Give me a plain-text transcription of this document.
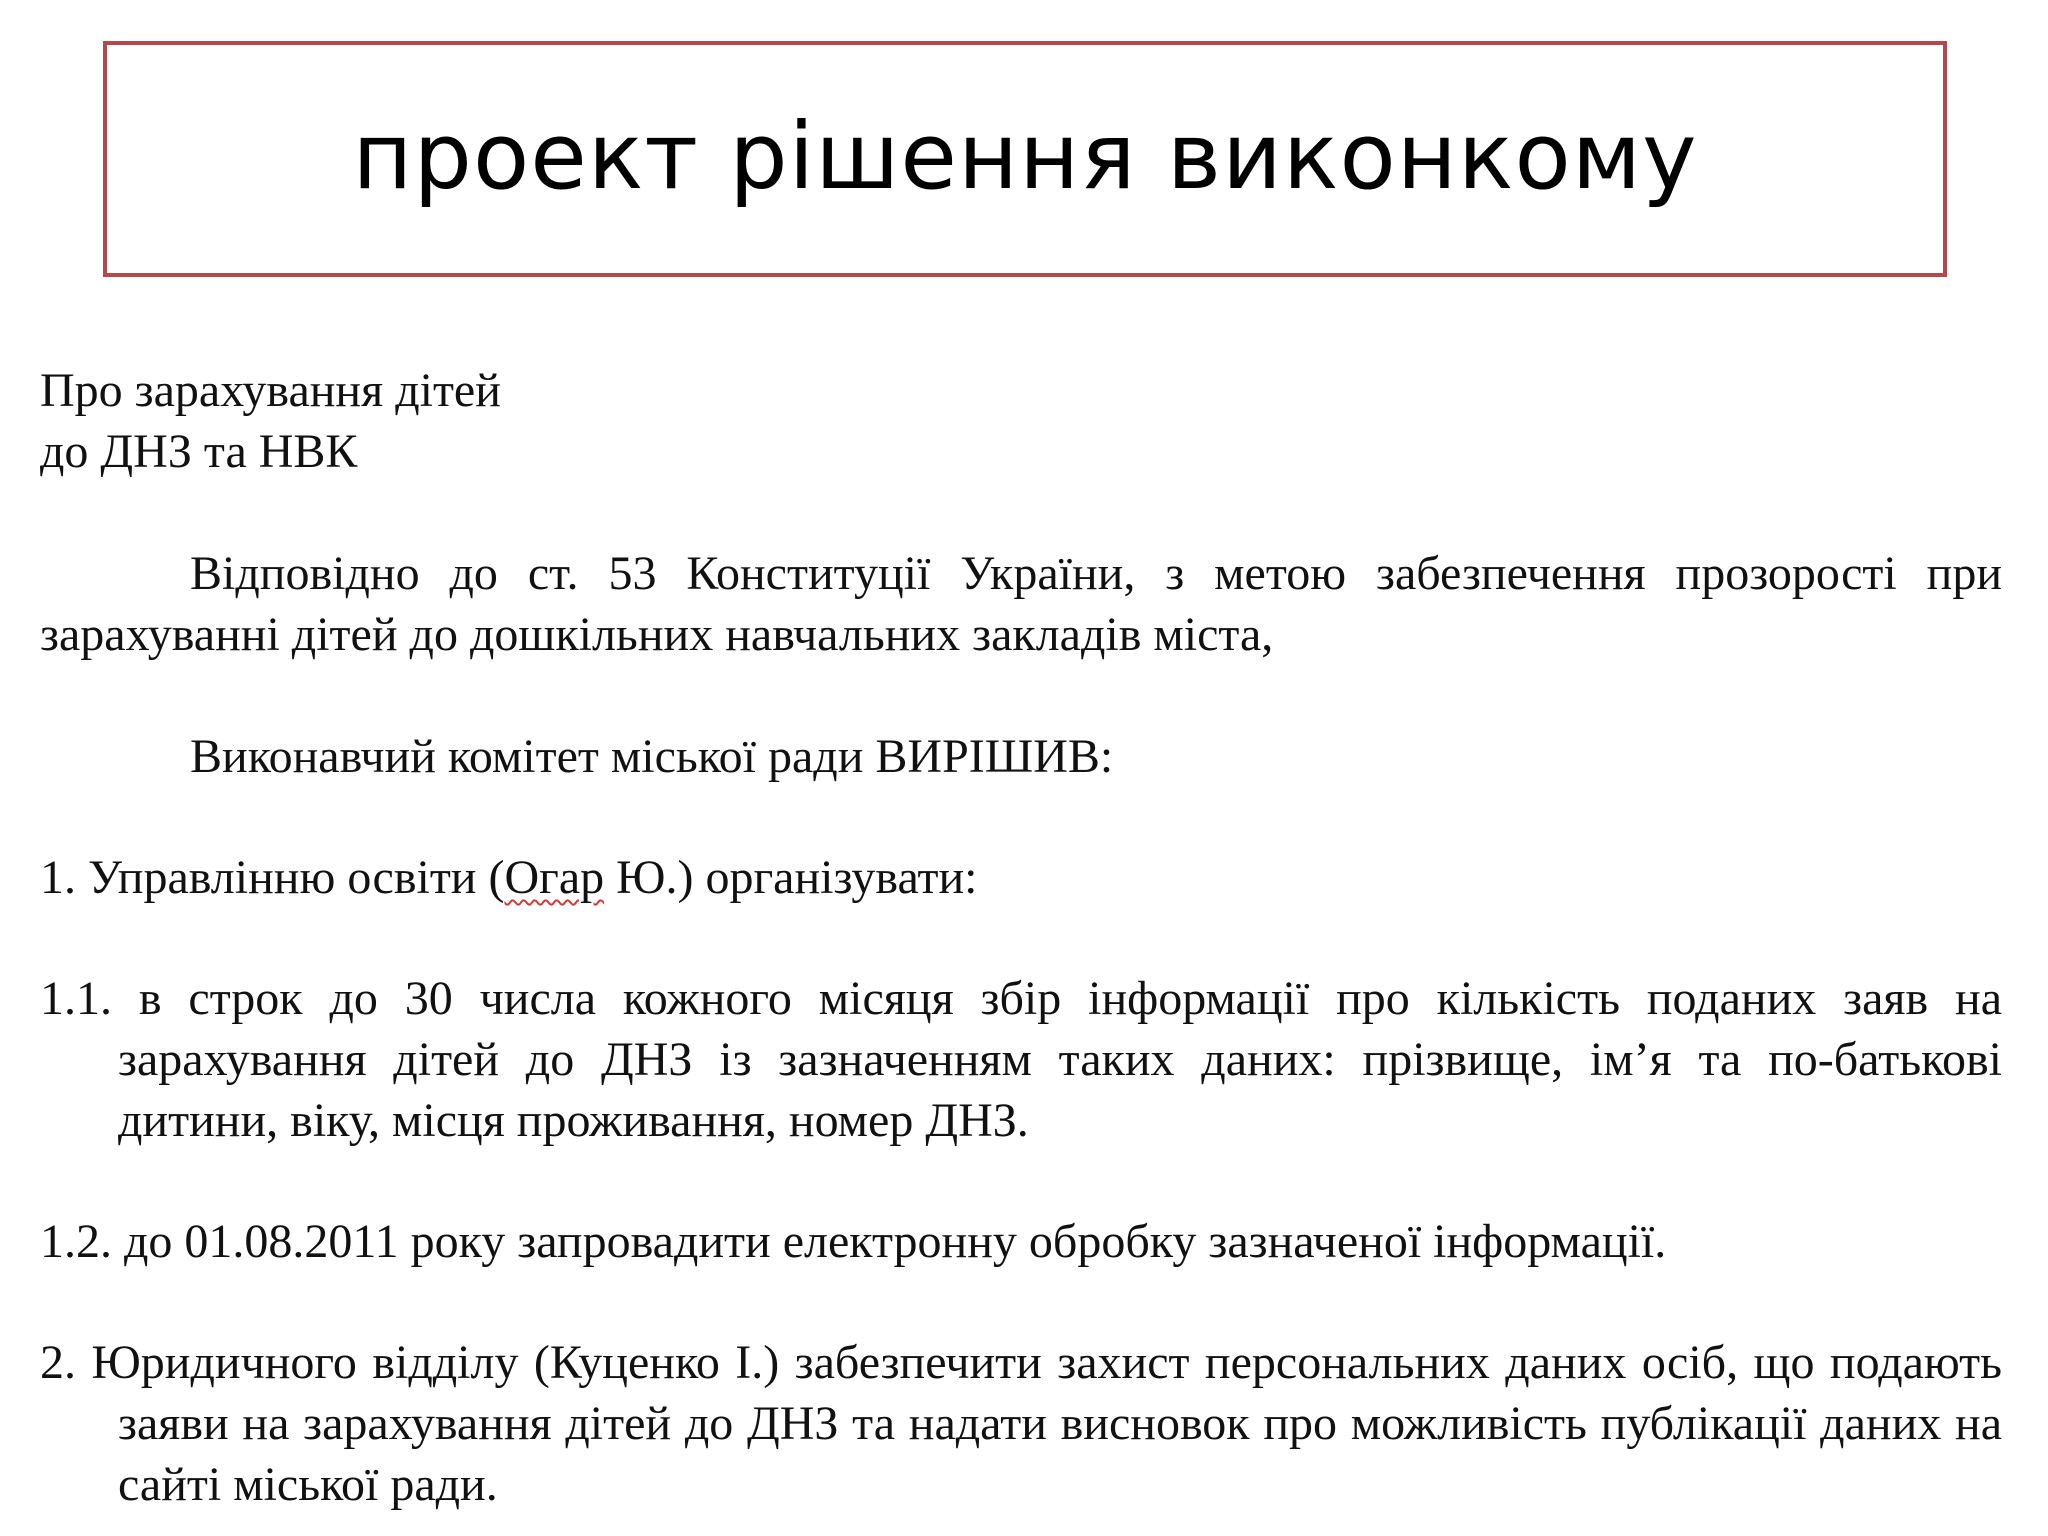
проект рішення виконкому
Про зарахування дітей
до ДНЗ та НВК

Відповідно до ст. 53 Конституції України, з метою забезпечення прозорості при зарахуванні дітей до дошкільних навчальних закладів міста,

Виконавчий комітет міської ради ВИРІШИВ:

1. Управлінню освіти (Огар Ю.) організувати:

1.1. в строк до 30 числа кожного місяця збір інформації про кількість поданих заяв на зарахування дітей до ДНЗ із зазначенням таких даних: прізвище, ім’я та по-батькові дитини, віку, місця проживання, номер ДНЗ.

1.2. до 01.08.2011 року запровадити електронну обробку зазначеної інформації.

2. Юридичного відділу (Куценко І.) забезпечити захист персональних даних осіб, що подають заяви на зарахування дітей до ДНЗ та надати висновок про можливість публікації даних на сайті міської ради.
